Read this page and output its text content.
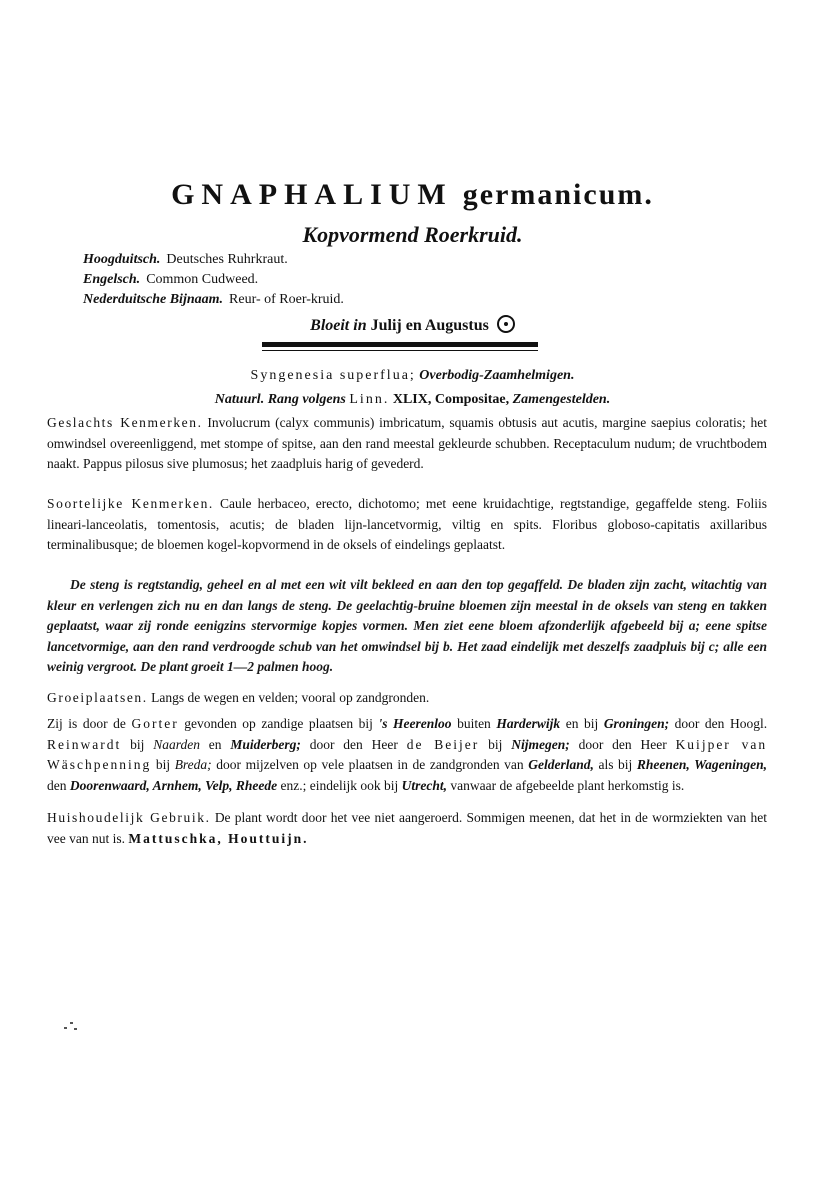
GNAPHALIUM germanicum.
Kopvormend Roerkruid.
Hoogduitsch. Deutsches Ruhrkraut.
Engelsch. Common Cudweed.
Nederduitsche Bijnaam. Reur- of Roer-kruid.
Bloeit in Julij en Augustus
Syngenesia superflua; Overbodig-Zaamhelmigen.
Natuurl. Rang volgens Linn. XLIX, Compositae, Zamengestelden.
Geslachts Kenmerken. Involucrum (calyx communis) imbricatum, squamis obtusis aut acutis, margine saepius coloratis; het omwindsel overeenliggend, met stompe of spitse, aan den rand meestal gekleurde schubben. Receptaculum nudum; de vruchtbodem naakt. Pappus pilosus sive plumosus; het zaadpluis harig of gevederd.
Soortelijke Kenmerken. Caule herbaceo, erecto, dichotomo; met eene kruidachtige, regtstandige, gegaffelde steng. Foliis lineari-lanceolatis, tomentosis, acutis; de bladen lijn-lancetvormig, viltig en spits. Floribus globoso-capitatis axillaribus terminalibusque; de bloemen kogel-kopvormend in de oksels of eindelings geplaatst.
De steng is regtstandig, geheel en al met een wit vilt bekleed en aan den top gegaffeld. De bladen zijn zacht, witachtig van kleur en verlengen zich nu en dan langs de steng. De geelachtig-bruine bloemen zijn meestal in de oksels van steng en takken geplaatst, waar zij ronde eenigzins stervormige kopjes vormen. Men ziet eene bloem afzonderlijk afgebeeld bij a; eene spitse lancetvormige, aan den rand verdroogde schub van het omwindsel bij b. Het zaad eindelijk met deszelfs zaadpluis bij c; alle een weinig vergroot. De plant groeit 1—2 palmen hoog.
Groeiplaatsen. Langs de wegen en velden; vooral op zandgronden.
Zij is door de Gorter gevonden op zandige plaatsen bij 's Heerenloo buiten Harderwijk en bij Groningen; door den Hoogl. Reinwardt bij Naarden en Muiderberg; door den Heer de Beijer bij Nijmegen; door den Heer Kuijper van Wäschpenning bij Breda; door mijzelven op vele plaatsen in de zandgronden van Gelderland, als bij Rheenen, Wageningen, den Doorenwaard, Arnhem, Velp, Rheede enz.; eindelijk ook bij Utrecht, vanwaar de afgebeelde plant herkomstig is.
Huishoudelijk Gebruik. De plant wordt door het vee niet aangeroerd. Sommigen meenen, dat het in de wormziekten van het vee van nut is. Mattuschka, Houttuijn.
